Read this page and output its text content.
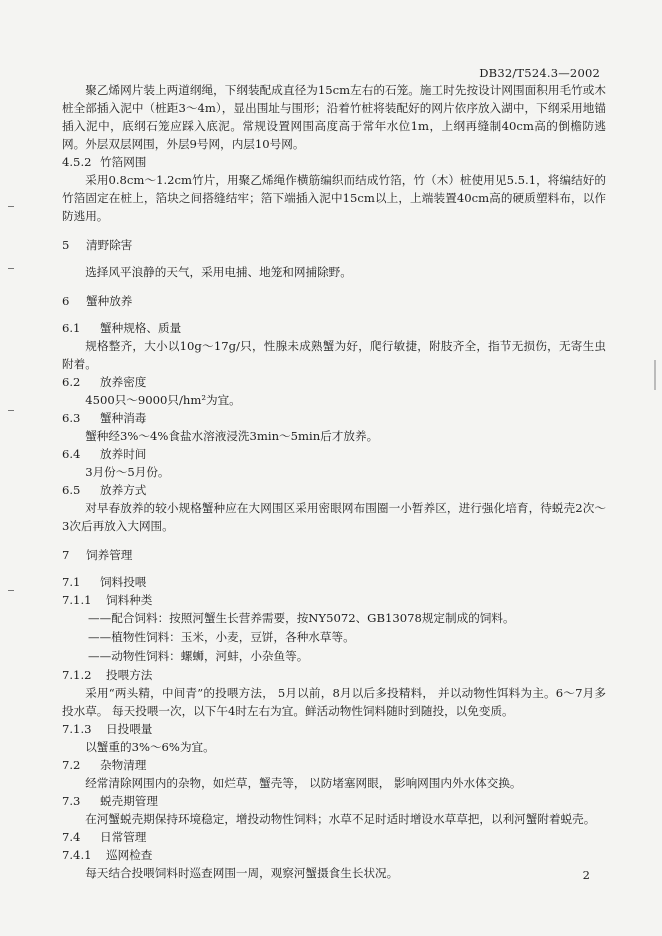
DB32/T524.3—2002

聚乙烯网片装上两道纲绳，下纲装配成直径为15cm左右的石笼。施工时先按设计网围面积用毛竹或木桩全部插入泥中（桩距3～4m），显出围址与围形；沿着竹桩将装配好的网片依序放入湖中，下纲采用地锚插入泥中，底纲石笼应踩入底泥。常规设置网围高度高于常年水位1m，上纲再缝制40cm高的倒檐防逃网。外层双层网围，外层9号网，内层10号网。

4.5.2 竹箔网围

采用0.8cm～1.2cm竹片，用聚乙烯绳作横筋编织而结成竹箔，竹（木）桩使用见5.5.1，将编结好的竹箔固定在桩上，箔块之间搭缝结牢；箔下端插入泥中15cm以上，上端装置40cm高的硬质塑料布，以作防逃用。

5 清野除害

选择风平浪静的天气，采用电捕、地笼和网捕除野。

6 蟹种放养

6.1 蟹种规格、质量

规格整齐，大小以10g～17g/只，性腺未成熟蟹为好，爬行敏捷，附肢齐全，指节无损伤，无寄生虫附着。

6.2 放养密度

4500只～9000只/hm²为宜。

6.3 蟹种消毒

蟹种经3%～4%食盐水溶液浸洗3min～5min后才放养。

6.4 放养时间

3月份～5月份。

6.5 放养方式

对早春放养的较小规格蟹种应在大网围区采用密眼网布围圈一小暂养区，进行强化培育，待蜕壳2次～3次后再放入大网围。

7 饲养管理

7.1 饲料投喂

7.1.1 饲料种类

——配合饲料：按照河蟹生长营养需要，按NY5072、GB13078规定制成的饲料。

——植物性饲料：玉米，小麦，豆饼，各种水草等。

——动物性饲料：螺蛳，河蚌，小杂鱼等。

7.1.2 投喂方法

采用“两头精，中间青”的投喂方法， 5月以前，8月以后多投精料， 并以动物性饵料为主。6～7月多投水草。 每天投喂一次，以下午4时左右为宜。鲜活动物性饲料随时到随投，以免变质。

7.1.3 日投喂量

以蟹重的3%～6%为宜。

7.2 杂物清理

经常清除网围内的杂物，如烂草，蟹壳等， 以防堵塞网眼， 影响网围内外水体交换。

7.3 蜕壳期管理

在河蟹蜕壳期保持环境稳定，增投动物性饲料；水草不足时适时增设水草草把，以利河蟹附着蜕壳。

7.4 日常管理

7.4.1 巡网检查

每天结合投喂饲料时巡查网围一周，观察河蟹摄食生长状况。	2
